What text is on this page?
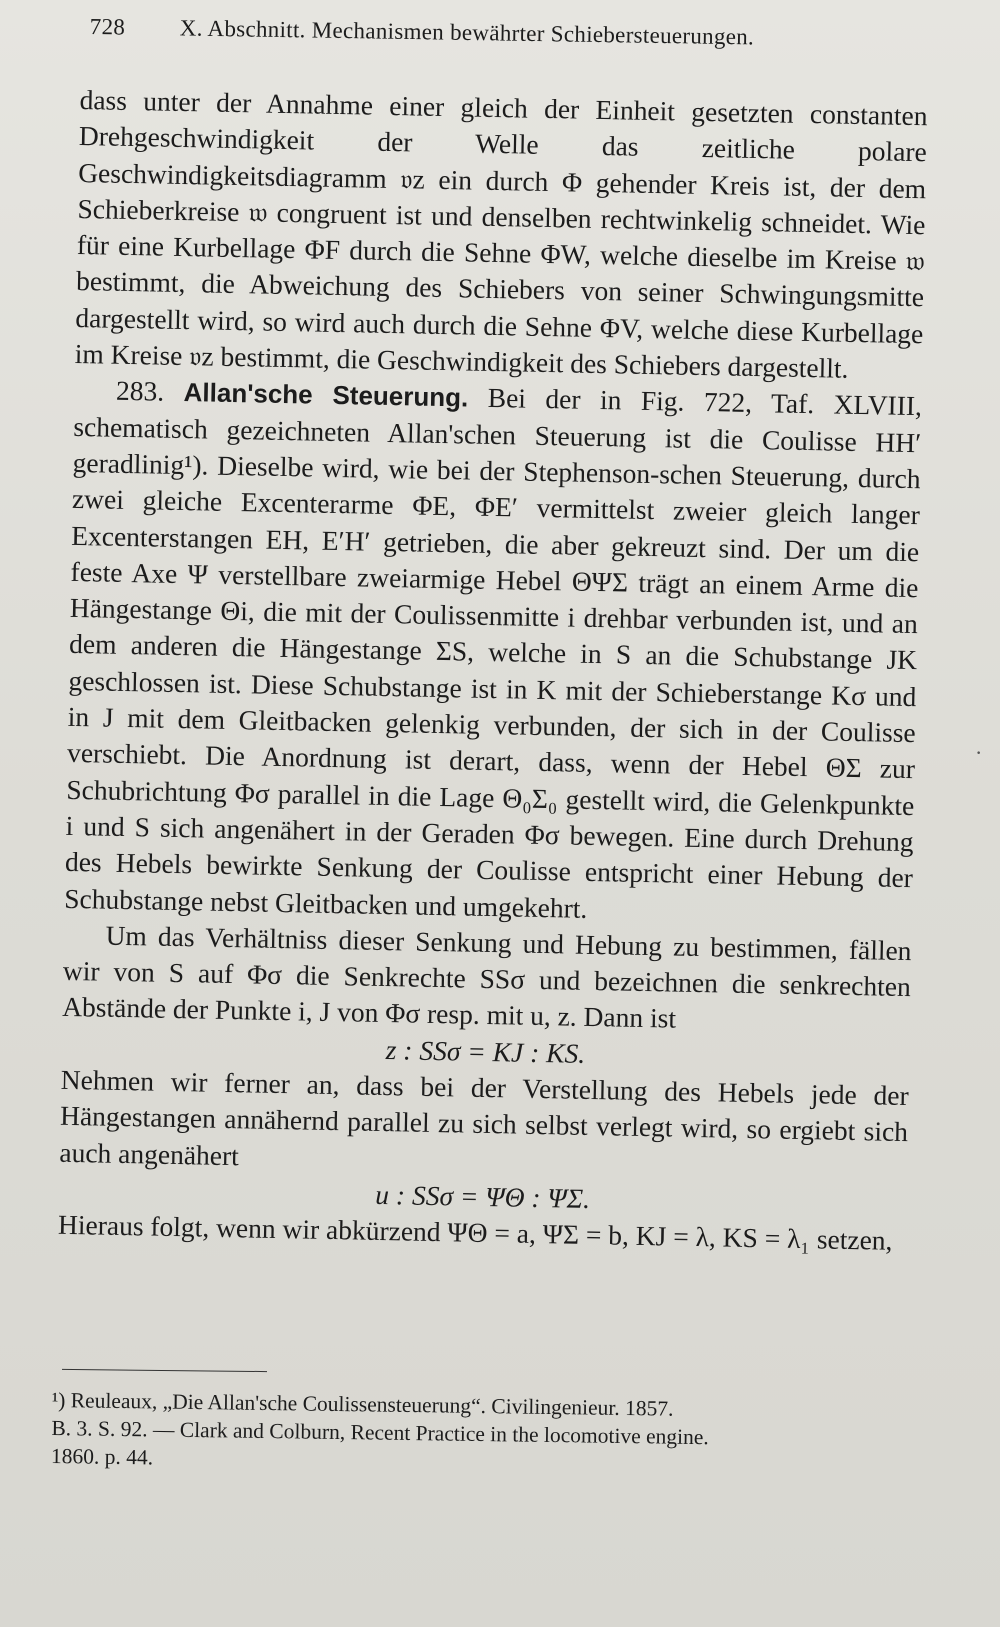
728 X. Abschnitt. Mechanismen bewährter Schiebersteuerungen.

dass unter der Annahme einer gleich der Einheit gesetzten constanten Drehgeschwindigkeit der Welle das zeitliche polare Geschwindigkeitsdiagramm 𝔳z ein durch Φ gehender Kreis ist, der dem Schieberkreise 𝔴 congruent ist und denselben rechtwinkelig schneidet. Wie für eine Kurbellage ΦF durch die Sehne ΦW, welche dieselbe im Kreise 𝔴 bestimmt, die Abweichung des Schiebers von seiner Schwingungsmitte dargestellt wird, so wird auch durch die Sehne ΦV, welche diese Kurbellage im Kreise 𝔳z bestimmt, die Geschwindigkeit des Schiebers dargestellt.

283. Allan'sche Steuerung. Bei der in Fig. 722, Taf. XLVIII, schematisch gezeichneten Allan'schen Steuerung ist die Coulisse HH′ geradlinig¹). Dieselbe wird, wie bei der Stephenson-schen Steuerung, durch zwei gleiche Excenterarme ΦE, ΦE′ vermittelst zweier gleich langer Excenterstangen EH, E′H′ getrieben, die aber gekreuzt sind. Der um die feste Axe Ψ verstellbare zweiarmige Hebel ΘΨΣ trägt an einem Arme die Hängestange Θi, die mit der Coulissenmitte i drehbar verbunden ist, und an dem anderen die Hängestange ΣS, welche in S an die Schubstange JK geschlossen ist. Diese Schubstange ist in K mit der Schieberstange Kσ und in J mit dem Gleitbacken gelenkig verbunden, der sich in der Coulisse verschiebt. Die Anordnung ist derart, dass, wenn der Hebel ΘΣ zur Schubrichtung Φσ parallel in die Lage Θ₀Σ₀ gestellt wird, die Gelenkpunkte i und S sich angenähert in der Geraden Φσ bewegen. Eine durch Drehung des Hebels bewirkte Senkung der Coulisse entspricht einer Hebung der Schubstange nebst Gleitbacken und umgekehrt.

Um das Verhältniss dieser Senkung und Hebung zu bestimmen, fällen wir von S auf Φσ die Senkrechte SSσ und bezeichnen die senkrechten Abstände der Punkte i, J von Φσ resp. mit u, z. Dann ist

z : SSσ = KJ : KS.

Nehmen wir ferner an, dass bei der Verstellung des Hebels jede der Hängestangen annähernd parallel zu sich selbst verlegt wird, so ergiebt sich auch angenähert

u : SSσ = ΨΘ : ΨΣ.

Hieraus folgt, wenn wir abkürzend ΨΘ = a, ΨΣ = b, KJ = λ, KS = λ₁ setzen,

¹) Reuleaux, „Die Allan'sche Coulissensteuerung“. Civilingenieur. 1857.

B. 3. S. 92. — Clark and Colburn, Recent Practice in the locomotive engine.

1860. p. 44.

·
